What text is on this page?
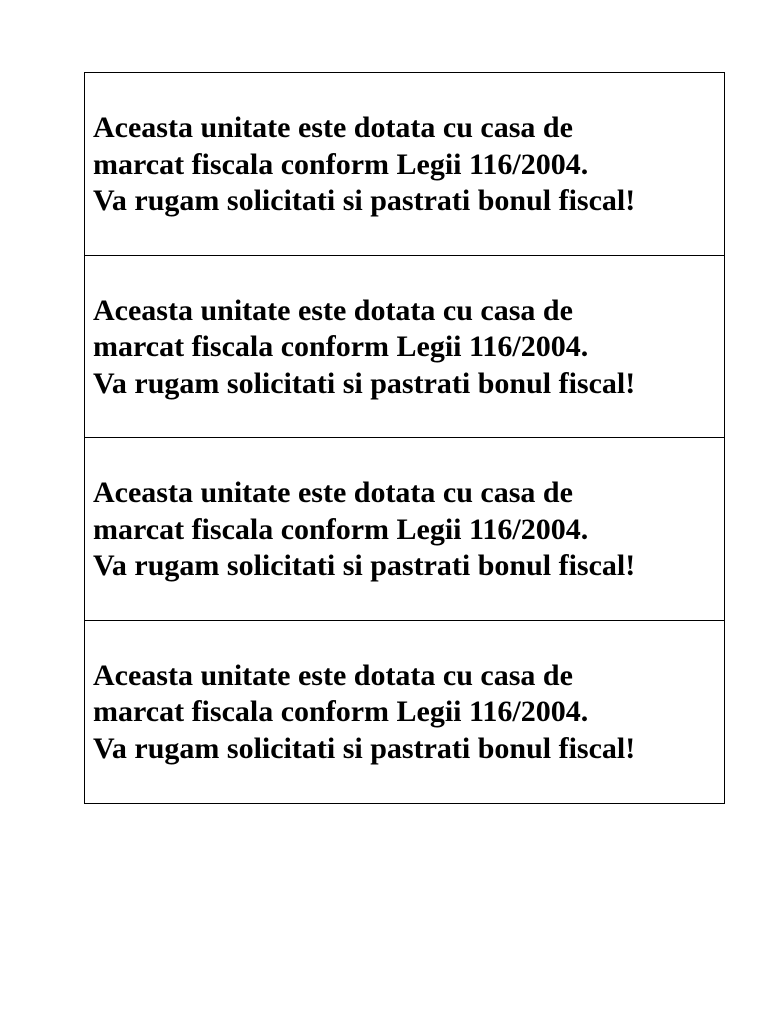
Aceasta unitate este dotata cu casa de
marcat fiscala conform Legii 116/2004.
Va rugam solicitati si pastrati bonul fiscal!
Aceasta unitate este dotata cu casa de
marcat fiscala conform Legii 116/2004.
Va rugam solicitati si pastrati bonul fiscal!
Aceasta unitate este dotata cu casa de
marcat fiscala conform Legii 116/2004.
Va rugam solicitati si pastrati bonul fiscal!
Aceasta unitate este dotata cu casa de
marcat fiscala conform Legii 116/2004.
Va rugam solicitati si pastrati bonul fiscal!
